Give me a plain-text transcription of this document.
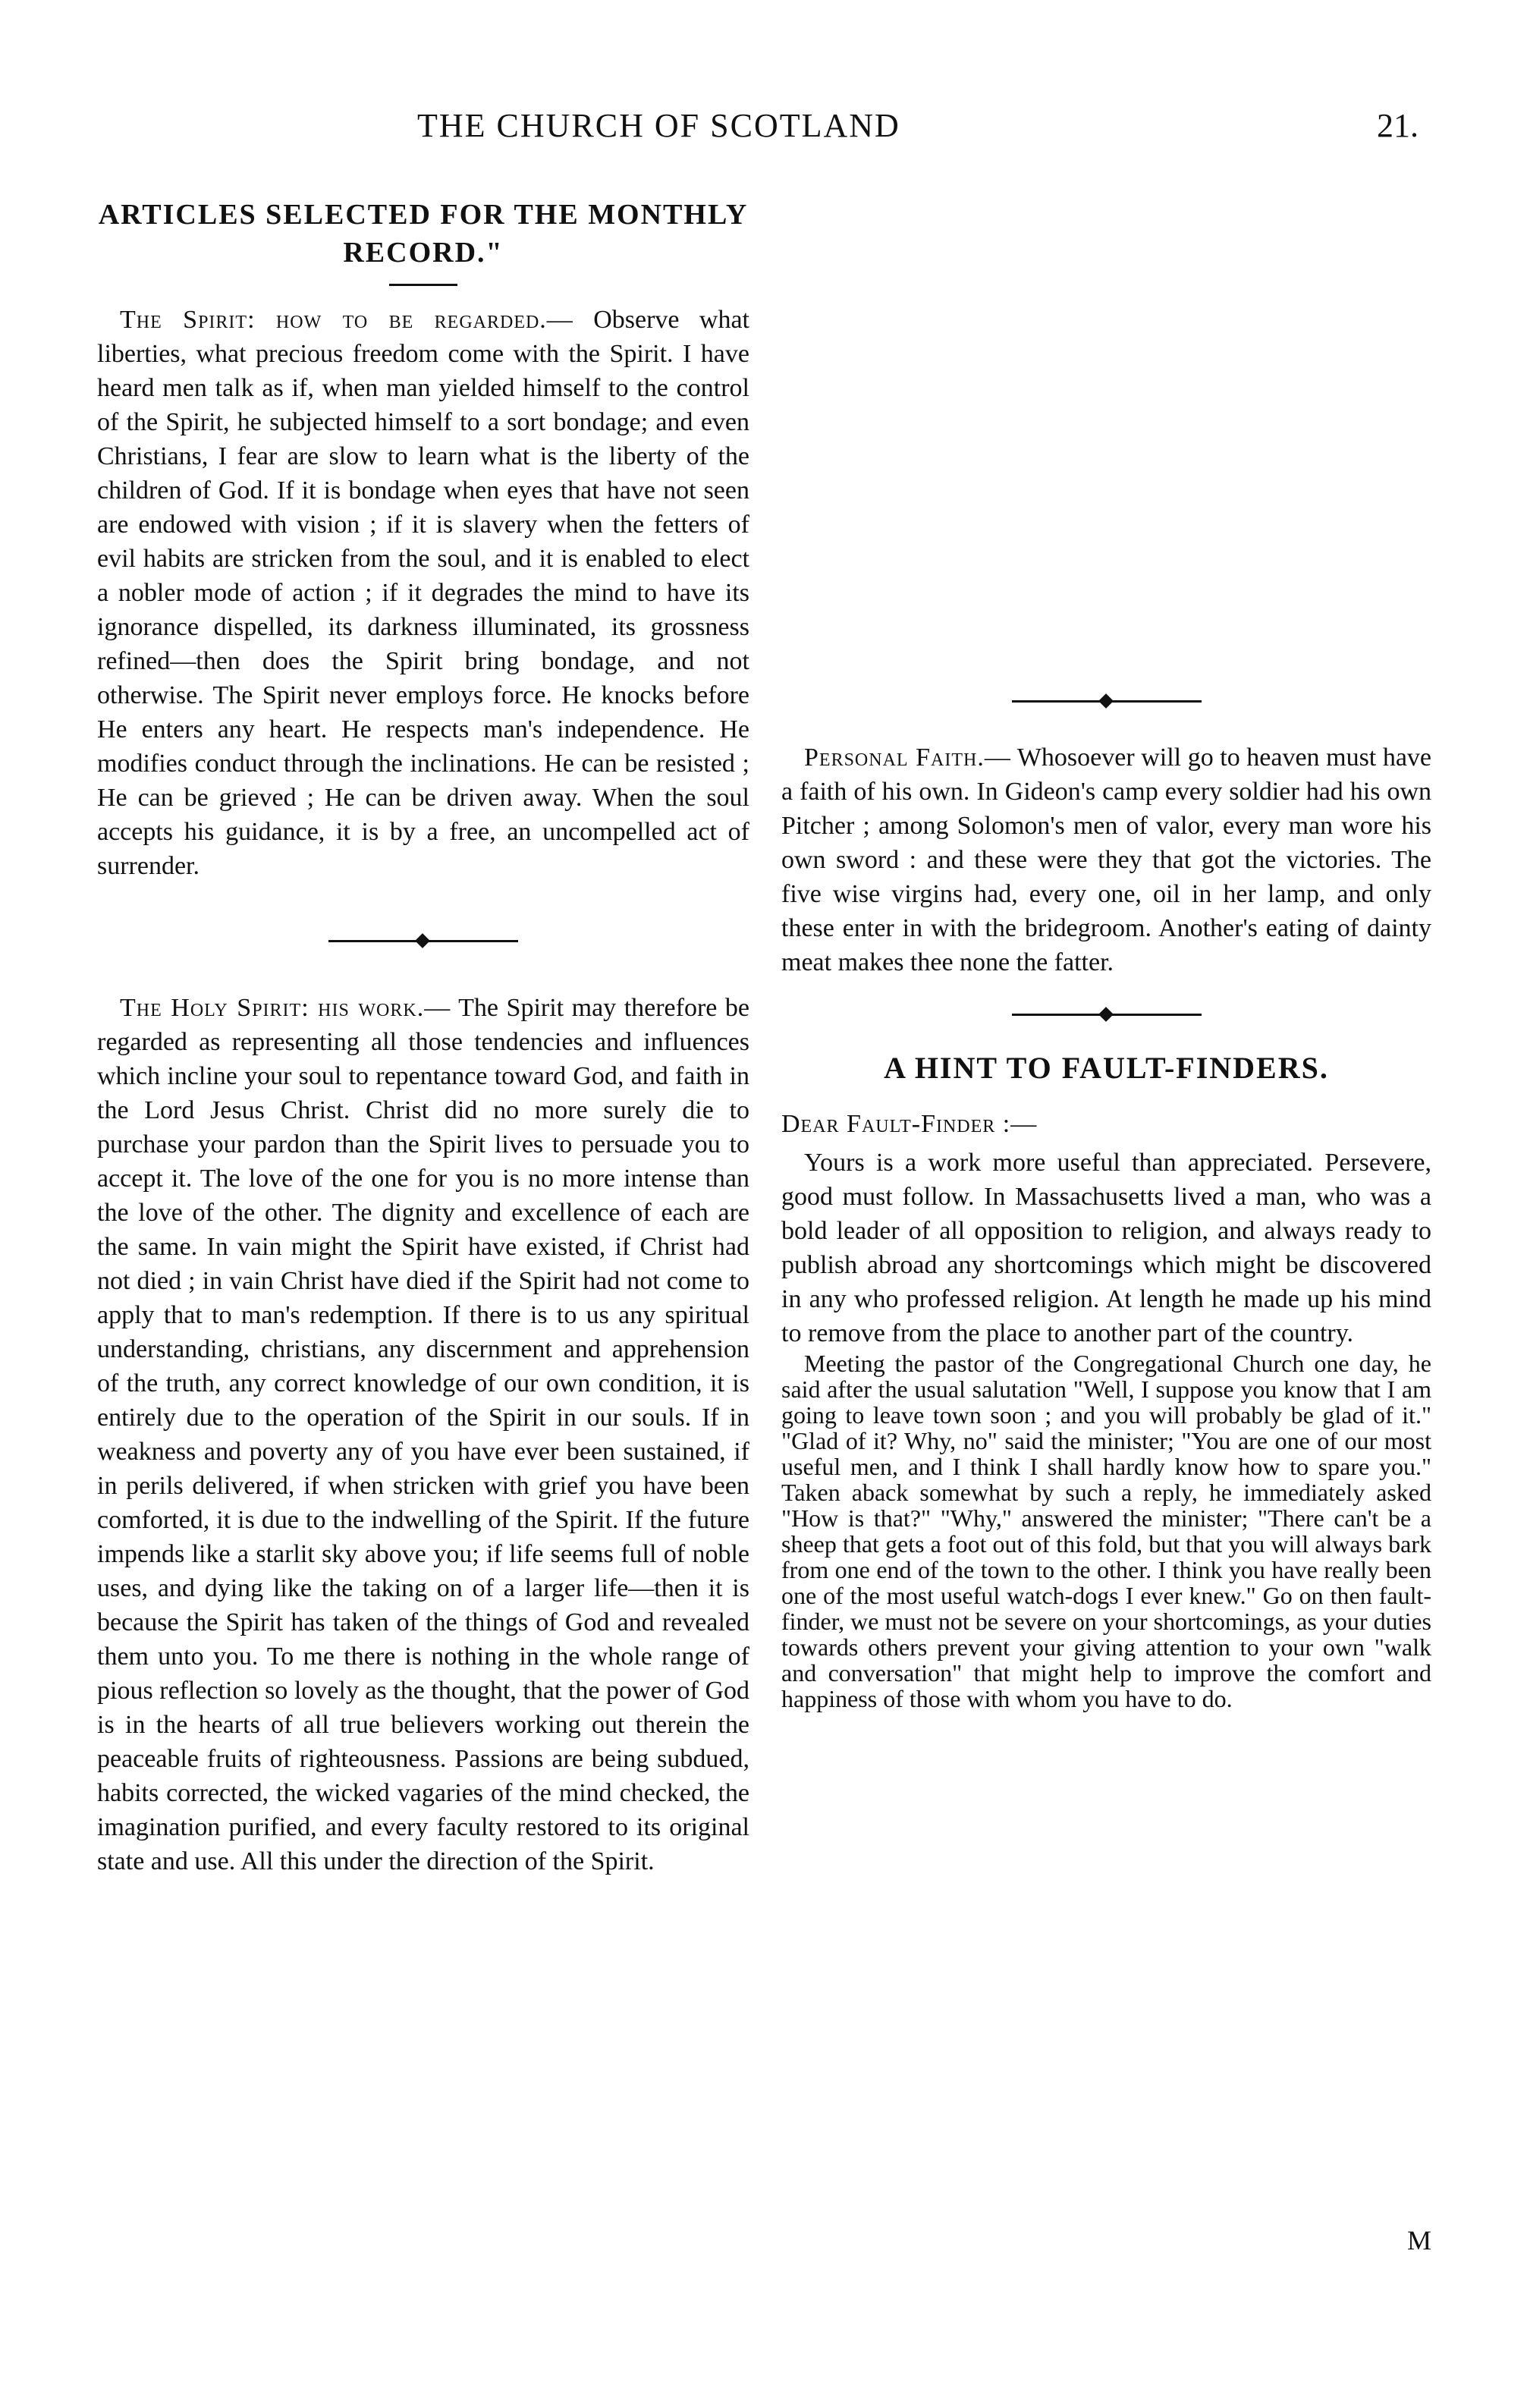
THE CHURCH OF SCOTLAND	21.
ARTICLES SELECTED FOR THE MONTHLY RECORD."

The Spirit: how to be regarded.— Observe what liberties, what precious freedom come with the Spirit. I have heard men talk as if, when man yielded himself to the control of the Spirit, he subjected himself to a sort bondage; and even Christians, I fear are slow to learn what is the liberty of the children of God. If it is bondage when eyes that have not seen are endowed with vision ; if it is slavery when the fetters of evil habits are stricken from the soul, and it is enabled to elect a nobler mode of action ; if it degrades the mind to have its ignorance dispelled, its darkness illuminated, its grossness refined—then does the Spirit bring bondage, and not otherwise. The Spirit never employs force. He knocks before He enters any heart. He respects man's independence. He modifies conduct through the inclinations. He can be resisted ; He can be grieved ; He can be driven away. When the soul accepts his guidance, it is by a free, an uncompelled act of surrender.

The Holy Spirit: his work.— The Spirit may therefore be regarded as representing all those tendencies and influences which incline your soul to repentance toward God, and faith in the Lord Jesus Christ. Christ did no more surely die to purchase your pardon than the Spirit lives to persuade you to accept it. The love of the one for you is no more intense than the love of the other. The dignity and excellence of each are the same. In vain might the Spirit have existed, if Christ had not died ; in vain Christ have died if the Spirit had not come to apply that to man's redemption. If there is to us any spiritual understanding, christians, any discernment and apprehension of the truth, any correct knowledge of our own condition, it is entirely due to the operation of the Spirit in our souls. If in weakness and poverty any of you have ever been sustained, if in perils delivered, if when stricken with grief you have been comforted, it is due to the indwelling of the Spirit. If the future impends like a starlit sky above you; if life seems full of noble uses, and dying like the taking on of a larger life—then it is because the Spirit has taken of the things of God and revealed them unto you. To me there is nothing in the whole range of pious reflection so lovely as the thought, that the power of God is in the hearts of all true believers working out therein the peaceable fruits of righteousness. Passions are being subdued, habits corrected, the wicked vagaries of the mind checked, the imagination purified, and every faculty restored to its original state and use. All this under the direction of the Spirit.

Personal Faith.— Whosoever will go to heaven must have a faith of his own. In Gideon's camp every soldier had his own Pitcher ; among Solomon's men of valor, every man wore his own sword : and these were they that got the victories. The five wise virgins had, every one, oil in her lamp, and only these enter in with the bridegroom. Another's eating of dainty meat makes thee none the fatter.

A HINT TO FAULT-FINDERS.

Dear Fault-Finder :—

Yours is a work more useful than appreciated. Persevere, good must follow. In Massachusetts lived a man, who was a bold leader of all opposition to religion, and always ready to publish abroad any shortcomings which might be discovered in any who professed religion. At length he made up his mind to remove from the place to another part of the country.

Meeting the pastor of the Congregational Church one day, he said after the usual salutation "Well, I suppose you know that I am going to leave town soon ; and you will probably be glad of it." "Glad of it? Why, no" said the minister; "You are one of our most useful men, and I think I shall hardly know how to spare you." Taken aback somewhat by such a reply, he immediately asked "How is that?" "Why," answered the minister; "There can't be a sheep that gets a foot out of this fold, but that you will always bark from one end of the town to the other. I think you have really been one of the most useful watch-dogs I ever knew." Go on then fault-finder, we must not be severe on your shortcomings, as your duties towards others prevent your giving attention to your own "walk and conversation" that might help to improve the comfort and happiness of those with whom you have to do.

M
